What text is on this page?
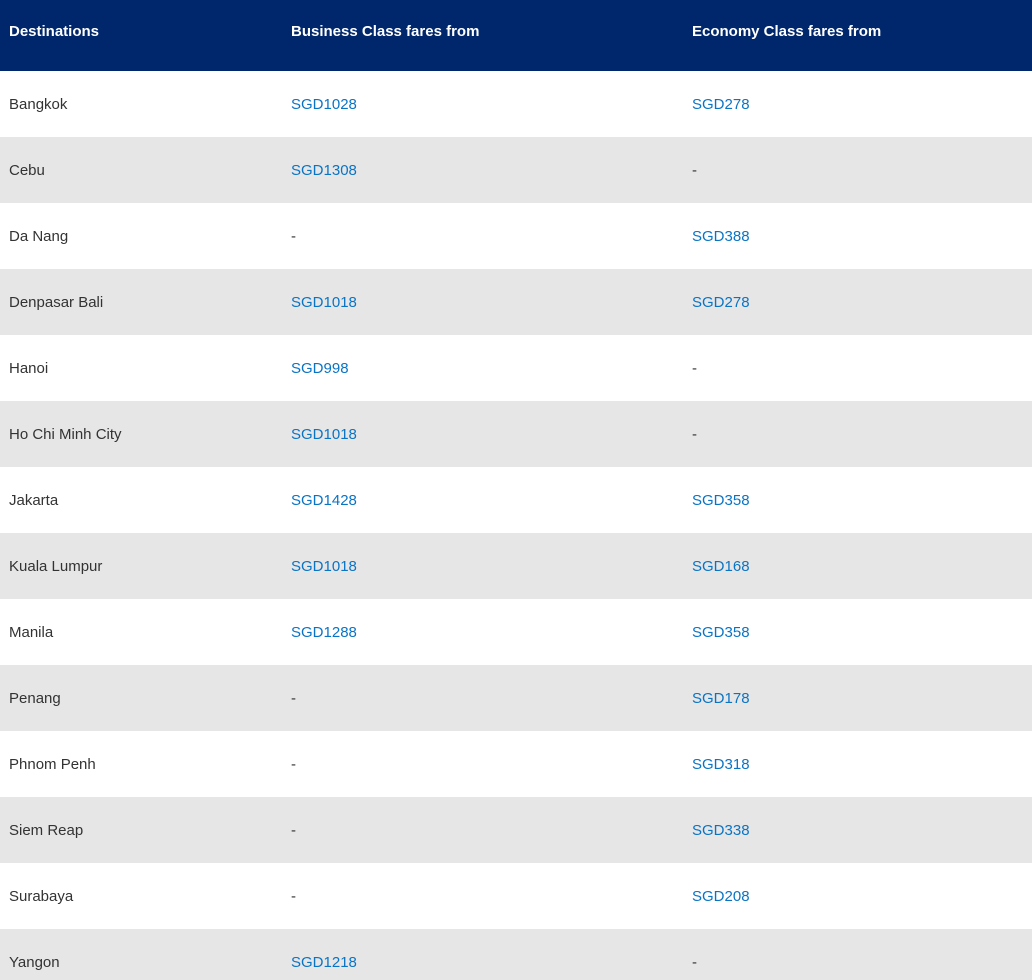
Destinations	Business Class fares from	Economy Class fares from
Bangkok	SGD1028	SGD278
Cebu	SGD1308	-
Da Nang	-	SGD388
Denpasar Bali	SGD1018	SGD278
Hanoi	SGD998	-
Ho Chi Minh City	SGD1018	-
Jakarta	SGD1428	SGD358
Kuala Lumpur	SGD1018	SGD168
Manila	SGD1288	SGD358
Penang	-	SGD178
Phnom Penh	-	SGD318
Siem Reap	-	SGD338
Surabaya	-	SGD208
Yangon	SGD1218	-
